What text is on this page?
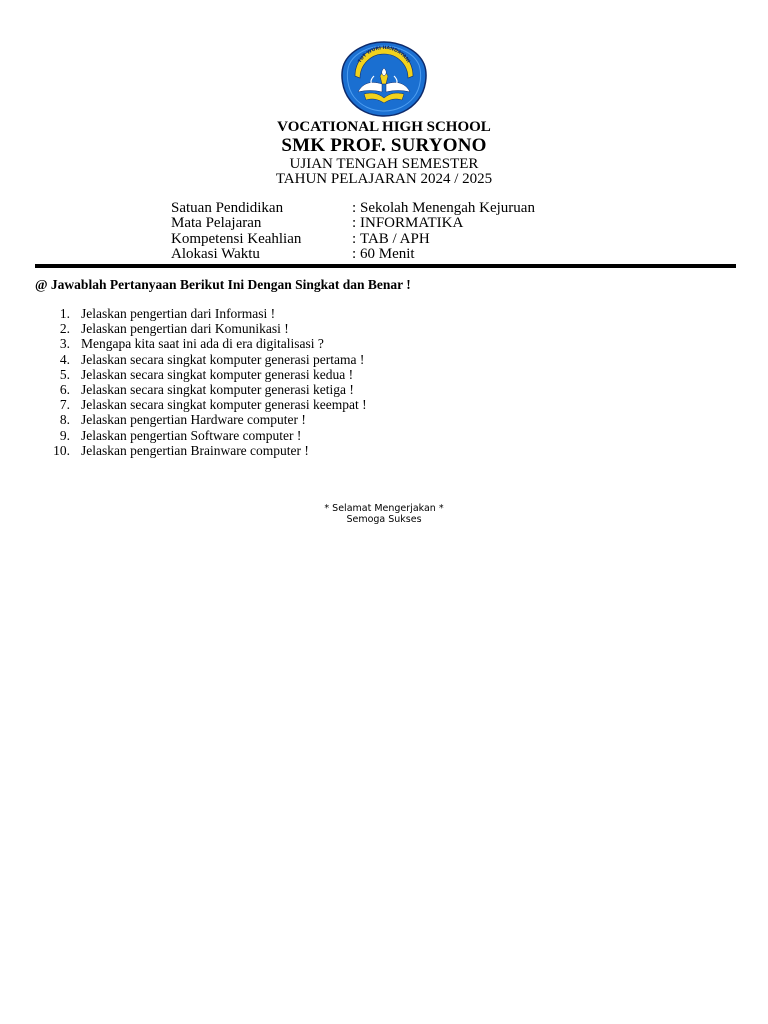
TUT WURI HANDAYANI

VOCATIONAL HIGH SCHOOL

SMK PROF. SURYONO

UJIAN TENGAH SEMESTER

TAHUN PELAJARAN 2024 / 2025

Satuan Pendidikan	: Sekolah Menengah Kejuruan
Mata Pelajaran	: INFORMATIKA
Kompetensi Keahlian	: TAB / APH
Alokasi Waktu	: 60 Menit

@ Jawablah Pertanyaan Berikut Ini Dengan Singkat dan Benar !

1. Jelaskan pengertian dari Informasi !
2. Jelaskan pengertian dari Komunikasi !
3. Mengapa kita saat ini ada di era digitalisasi ?
4. Jelaskan secara singkat komputer generasi pertama !
5. Jelaskan secara singkat komputer generasi kedua !
6. Jelaskan secara singkat komputer generasi ketiga !
7. Jelaskan secara singkat komputer generasi keempat !
8. Jelaskan pengertian Hardware computer !
9. Jelaskan pengertian Software computer !
10. Jelaskan pengertian Brainware computer !

* Selamat Mengerjakan *

Semoga Sukses
